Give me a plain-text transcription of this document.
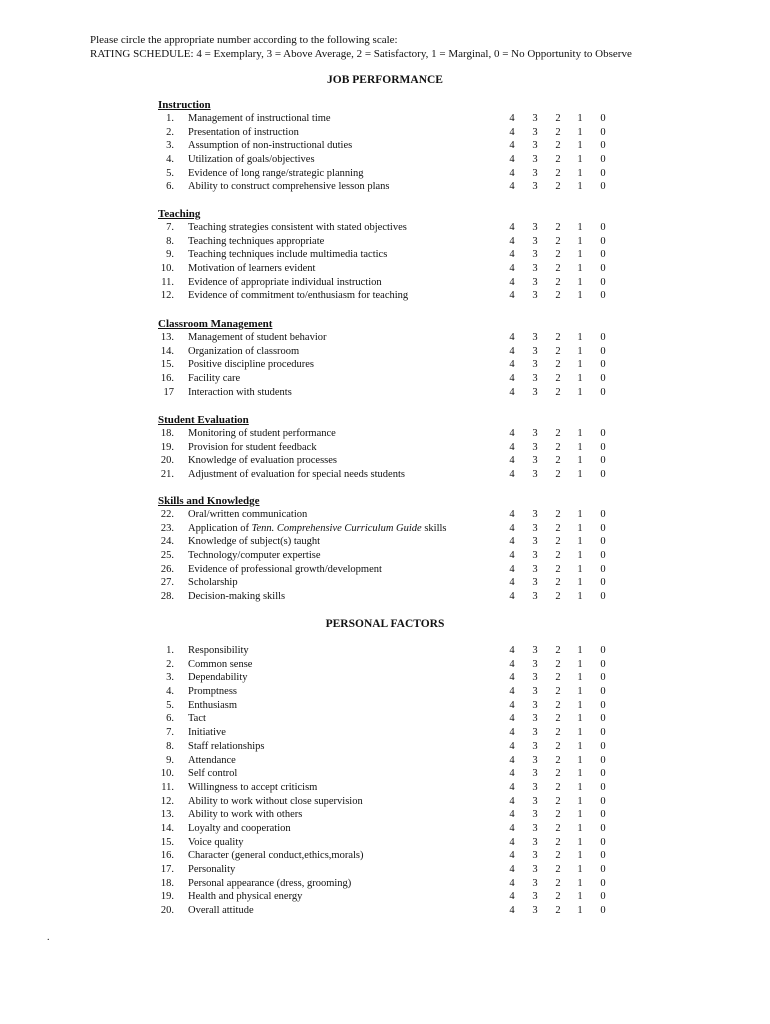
Please circle the appropriate number according to the following scale:
RATING SCHEDULE: 4 = Exemplary, 3 = Above Average, 2 = Satisfactory, 1 = Marginal, 0 = No Opportunity to Observe
JOB PERFORMANCE
Instruction
1. Management of instructional time	4 3 2 1 0
2. Presentation of instruction	4 3 2 1 0
3. Assumption of non-instructional duties	4 3 2 1 0
4. Utilization of goals/objectives	4 3 2 1 0
5. Evidence of long range/strategic planning	4 3 2 1 0
6. Ability to construct comprehensive lesson plans	4 3 2 1 0
Teaching
7. Teaching strategies consistent with stated objectives	4 3 2 1 0
8. Teaching techniques appropriate	4 3 2 1 0
9. Teaching techniques include multimedia tactics	4 3 2 1 0
10. Motivation of learners evident	4 3 2 1 0
11. Evidence of appropriate individual instruction	4 3 2 1 0
12. Evidence of commitment to/enthusiasm for teaching	4 3 2 1 0
Classroom Management
13. Management of student behavior	4 3 2 1 0
14. Organization of classroom	4 3 2 1 0
15. Positive discipline procedures	4 3 2 1 0
16. Facility care	4 3 2 1 0
17 Interaction with students	4 3 2 1 0
Student Evaluation
18. Monitoring of student performance	4 3 2 1 0
19. Provision for student feedback	4 3 2 1 0
20. Knowledge of evaluation processes	4 3 2 1 0
21. Adjustment of evaluation for special needs students	4 3 2 1 0
Skills and Knowledge
22. Oral/written communication	4 3 2 1 0
23. Application of Tenn. Comprehensive Curriculum Guide skills	4 3 2 1 0
24. Knowledge of subject(s) taught	4 3 2 1 0
25. Technology/computer expertise	4 3 2 1 0
26. Evidence of professional growth/development	4 3 2 1 0
27. Scholarship	4 3 2 1 0
28. Decision-making skills	4 3 2 1 0
PERSONAL FACTORS
1. Responsibility	4 3 2 1 0
2. Common sense	4 3 2 1 0
3. Dependability	4 3 2 1 0
4. Promptness	4 3 2 1 0
5. Enthusiasm	4 3 2 1 0
6. Tact	4 3 2 1 0
7. Initiative	4 3 2 1 0
8. Staff relationships	4 3 2 1 0
9. Attendance	4 3 2 1 0
10. Self control	4 3 2 1 0
11. Willingness to accept criticism	4 3 2 1 0
12. Ability to work without close supervision	4 3 2 1 0
13. Ability to work with others	4 3 2 1 0
14. Loyalty and cooperation	4 3 2 1 0
15. Voice quality	4 3 2 1 0
16. Character (general conduct,ethics,morals)	4 3 2 1 0
17. Personality	4 3 2 1 0
18. Personal appearance (dress, grooming)	4 3 2 1 0
19. Health and physical energy	4 3 2 1 0
20. Overall attitude	4 3 2 1 0
.
